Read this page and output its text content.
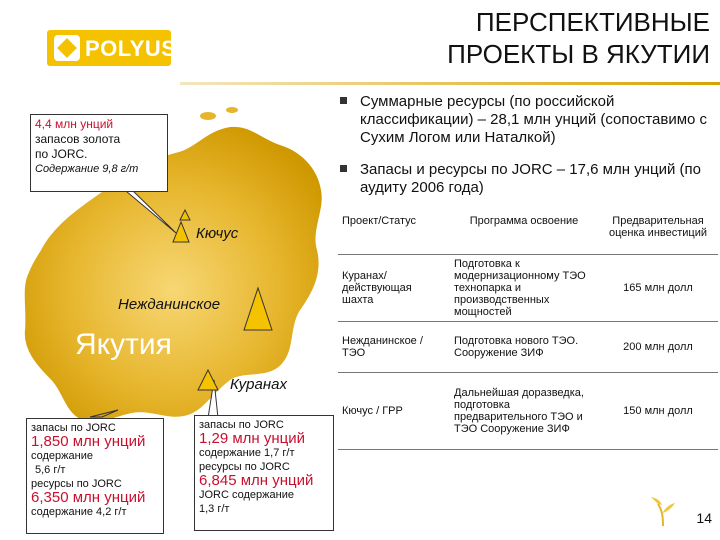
POLYUS
ПЕРСПЕКТИВНЫЕ
ПРОЕКТЫ В ЯКУТИИ
Кючус
Нежданинское
Куранах
Якутия
4,4 млн унций
запасов золота
по JORC.
Содержание 9,8 г/т
запасы по JORC
1,850 млн унций
содержание
5,6 г/т
ресурсы по JORC
6,350 млн унций
содержание 4,2 г/т
запасы по JORC
1,29 млн унций
содержание 1,7 г/т
ресурсы по JORC
6,845 млн унций
JORC содержание
1,3 г/т
Суммарные ресурсы (по российской классификации) – 28,1 млн унций (сопоставимо с Сухим Логом или Наталкой)
Запасы и ресурсы по JORC – 17,6 млн унций (по аудиту 2006 года)
Проект/Статус	Программа освоение	Предварительная оценка инвестиций
Куранах/ действующая шахта	Подготовка к модернизационному ТЭО технопарка и производственных мощностей	165 млн долл
Нежданинское /ТЭО	Подготовка нового ТЭО. Сооружение ЗИФ	200 млн долл
Кючус / ГРР	Дальнейшая доразведка, подготовка предварительного ТЭО и ТЭО Сооружение ЗИФ	150 млн долл
14
